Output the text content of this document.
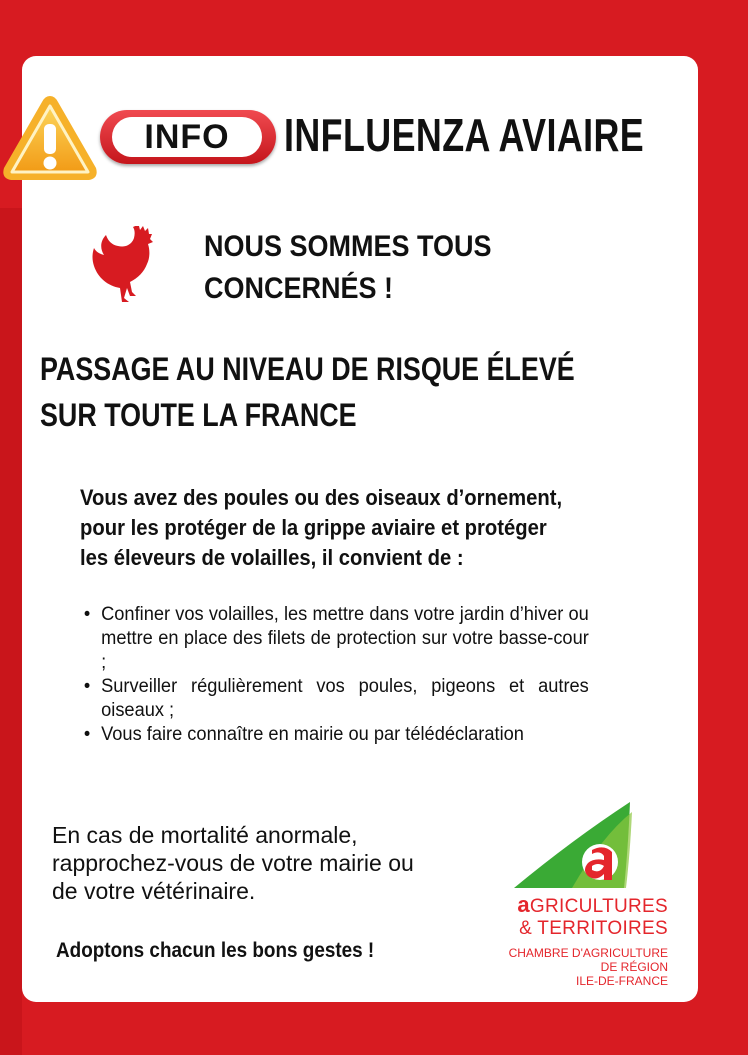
INFO INFLUENZA AVIAIRE
NOUS SOMMES TOUS
CONCERNÉS !
PASSAGE AU NIVEAU DE RISQUE ÉLEVÉ
SUR TOUTE LA FRANCE
Vous avez des poules ou des oiseaux d’ornement,
pour les protéger de la grippe aviaire et protéger
les éleveurs de volailles, il convient de :
• Confiner vos volailles, les mettre dans votre jardin d’hiver ou mettre en place des filets de protection sur votre basse-cour ;
• Surveiller régulièrement vos poules, pigeons et autres oiseaux ;
• Vous faire connaître en mairie ou par télédéclaration
En cas de mortalité anormale,
rapprochez-vous de votre mairie ou
de votre vétérinaire.
Adoptons chacun les bons gestes !
aGRICULTURES
& TERRITOIRES
CHAMBRE D'AGRICULTURE
DE RÉGION
ILE-DE-FRANCE
